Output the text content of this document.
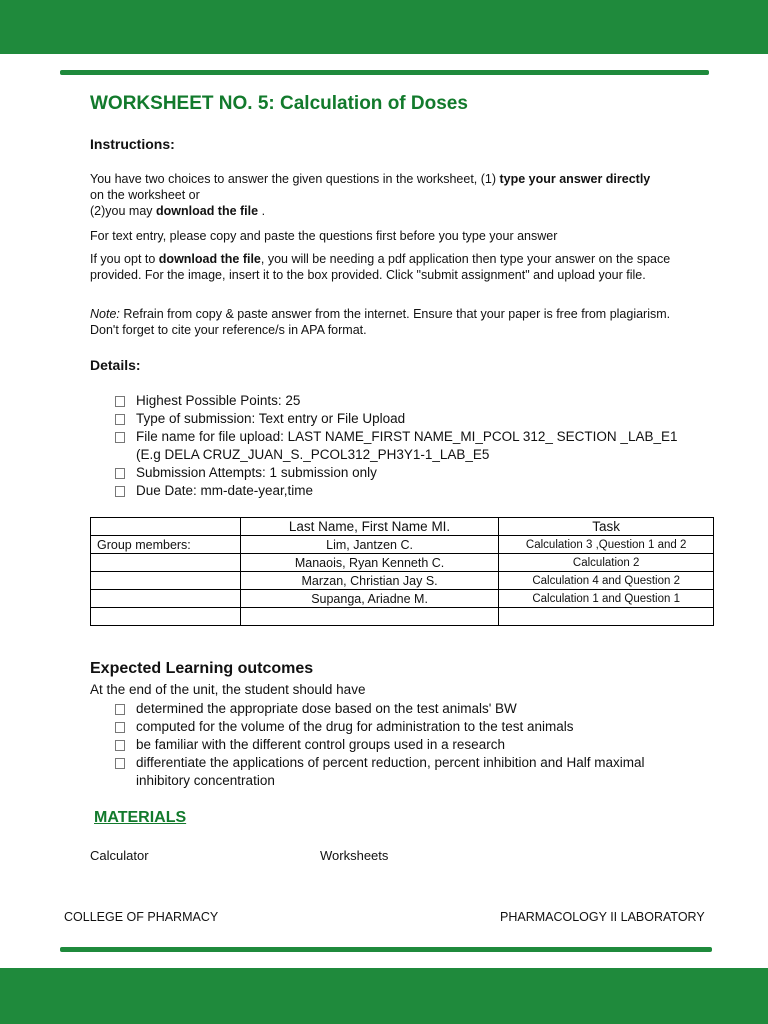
WORKSHEET NO. 5: Calculation of Doses
Instructions:
You have two choices to answer the given questions in the worksheet, (1) type your answer directly
on the worksheet or
(2)you may download the file .
For text entry, please copy and paste the questions first before you type your answer
If you opt to download the file, you will be needing a pdf application then type your answer on the space provided. For the image, insert it to the box provided. Click "submit assignment" and upload your file.
Note: Refrain from copy & paste answer from the internet. Ensure that your paper is free from plagiarism. Don't forget to cite your reference/s in APA format.
Details:
Highest Possible Points: 25
Type of submission: Text entry or File Upload
File name for file upload: LAST NAME_FIRST NAME_MI_PCOL 312_ SECTION _LAB_E1 (E.g DELA CRUZ_JUAN_S._PCOL312_PH3Y1-1_LAB_E5
Submission Attempts: 1 submission only
Due Date: mm-date-year,time
	Last Name, First Name MI.	Task
Group members:	Lim, Jantzen C.	Calculation 3 ,Question 1 and 2
	Manaois, Ryan Kenneth C.	Calculation 2
	Marzan, Christian Jay S.	Calculation 4 and Question 2
	Supanga, Ariadne M.	Calculation 1 and Question 1

Expected Learning outcomes
At the end of the unit, the student should have
determined the appropriate dose based on the test animals' BW
computed for the volume of the drug for administration to the test animals
be familiar with the different control groups used in a research
differentiate the applications of percent reduction, percent inhibition and Half maximal inhibitory concentration
MATERIALS
Calculator	Worksheets
COLLEGE OF PHARMACY	PHARMACOLOGY II LABORATORY
